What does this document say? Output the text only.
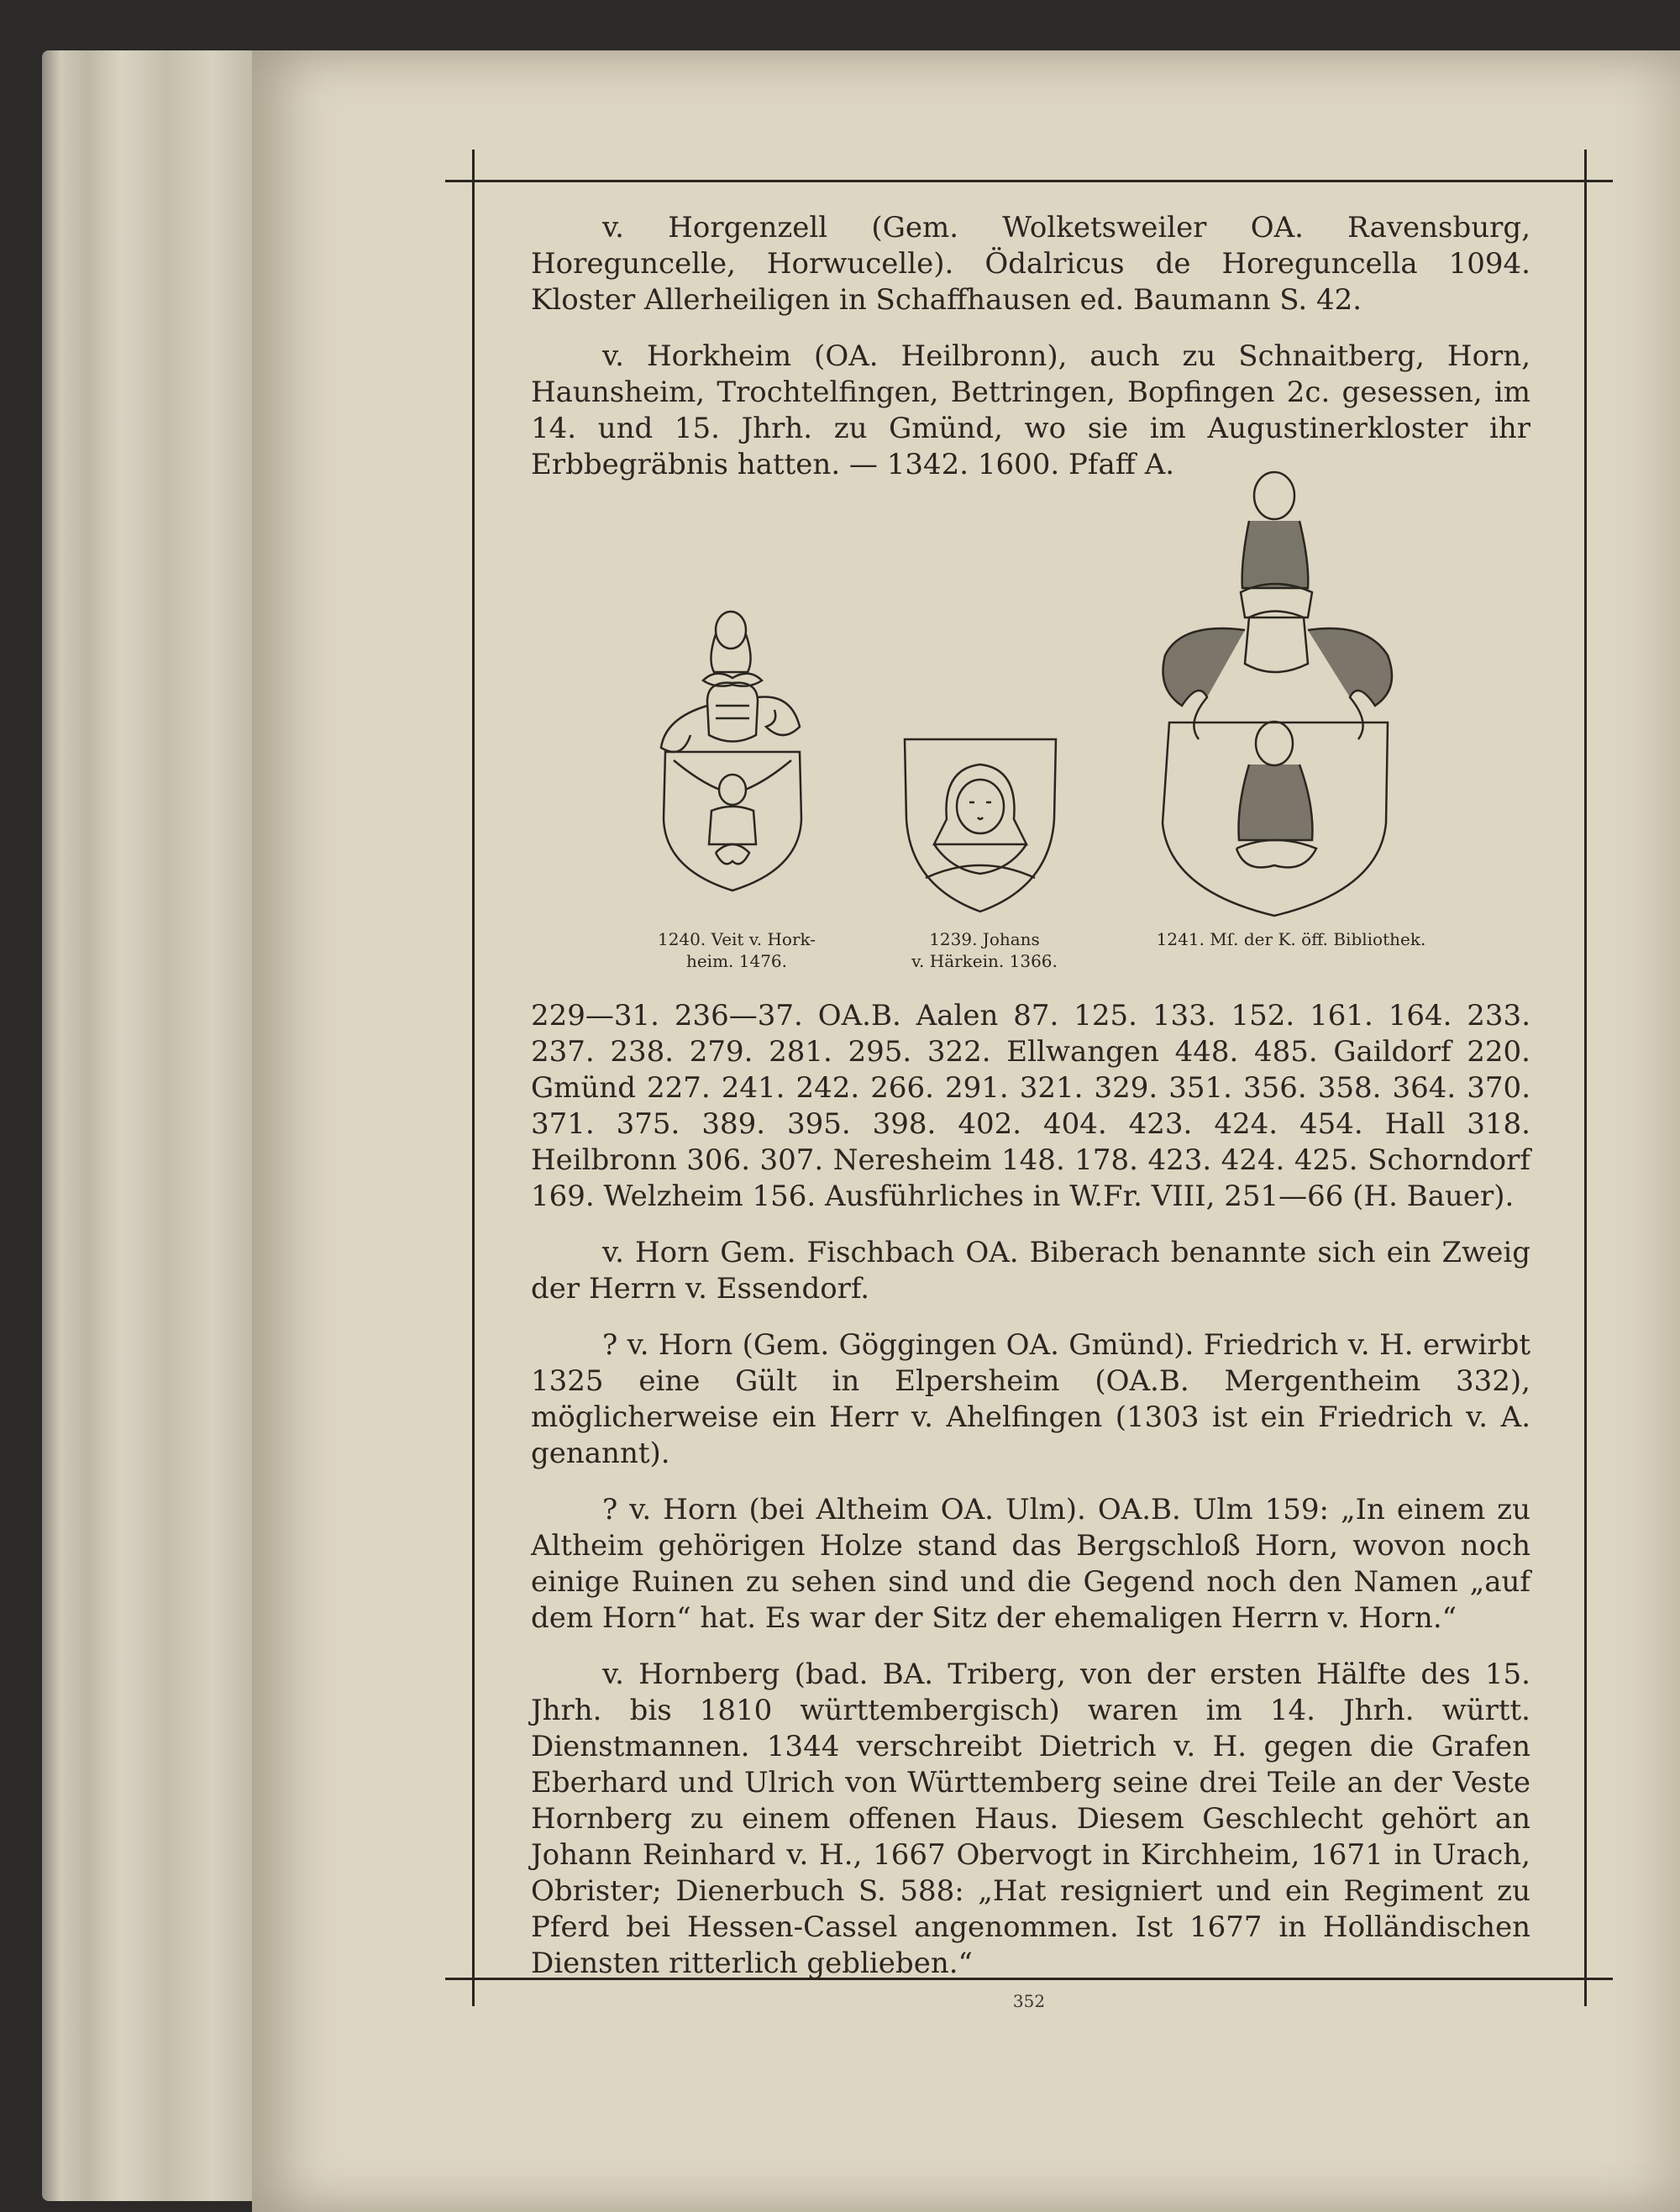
v. Horgenzell (Gem. Wolketsweiler OA. Ravensburg, Horeguncelle, Horwucelle). Ödalricus de Horeguncella 1094. Kloster Allerheiligen in Schaffhausen ed. Baumann S. 42.

v. Horkheim (OA. Heilbronn), auch zu Schnaitberg, Horn, Haunsheim, Trochtelfingen, Bettringen, Bopfingen 2c. gesessen, im 14. und 15. Jhrh. zu Gmünd, wo sie im Augustinerkloster ihr Erbbegräbnis hatten. — 1342. 1600. Pfaff A.

1240. Veit v. Hork-
heim. 1476.
1239. Johans
v. Härkein. 1366.
1241. Mſ. der K. öff. Bibliothek.

229—31. 236—37. OA.B. Aalen 87. 125. 133. 152. 161. 164. 233. 237. 238. 279. 281. 295. 322. Ellwangen 448. 485. Gaildorf 220. Gmünd 227. 241. 242. 266. 291. 321. 329. 351. 356. 358. 364. 370. 371. 375. 389. 395. 398. 402. 404. 423. 424. 454. Hall 318. Heilbronn 306. 307. Neresheim 148. 178. 423. 424. 425. Schorndorf 169. Welzheim 156. Ausführliches in W.Fr. VIII, 251—66 (H. Bauer).

v. Horn Gem. Fischbach OA. Biberach benannte sich ein Zweig der Herrn v. Essendorf.

? v. Horn (Gem. Göggingen OA. Gmünd). Friedrich v. H. erwirbt 1325 eine Gült in Elpersheim (OA.B. Mergentheim 332), möglicherweise ein Herr v. Ahelfingen (1303 ist ein Friedrich v. A. genannt).

? v. Horn (bei Altheim OA. Ulm). OA.B. Ulm 159: „In einem zu Altheim gehörigen Holze stand das Bergschloß Horn, wovon noch einige Ruinen zu sehen sind und die Gegend noch den Namen „auf dem Horn“ hat. Es war der Sitz der ehemaligen Herrn v. Horn.“

v. Hornberg (bad. BA. Triberg, von der ersten Hälfte des 15. Jhrh. bis 1810 württembergisch) waren im 14. Jhrh. württ. Dienstmannen. 1344 verschreibt Dietrich v. H. gegen die Grafen Eberhard und Ulrich von Württemberg seine drei Teile an der Veste Hornberg zu einem offenen Haus. Diesem Geschlecht gehört an Johann Reinhard v. H., 1667 Obervogt in Kirchheim, 1671 in Urach, Obrister; Dienerbuch S. 588: „Hat resigniert und ein Regiment zu Pferd bei Hessen-Cassel angenommen. Ist 1677 in Holländischen Diensten ritterlich geblieben.“

352
